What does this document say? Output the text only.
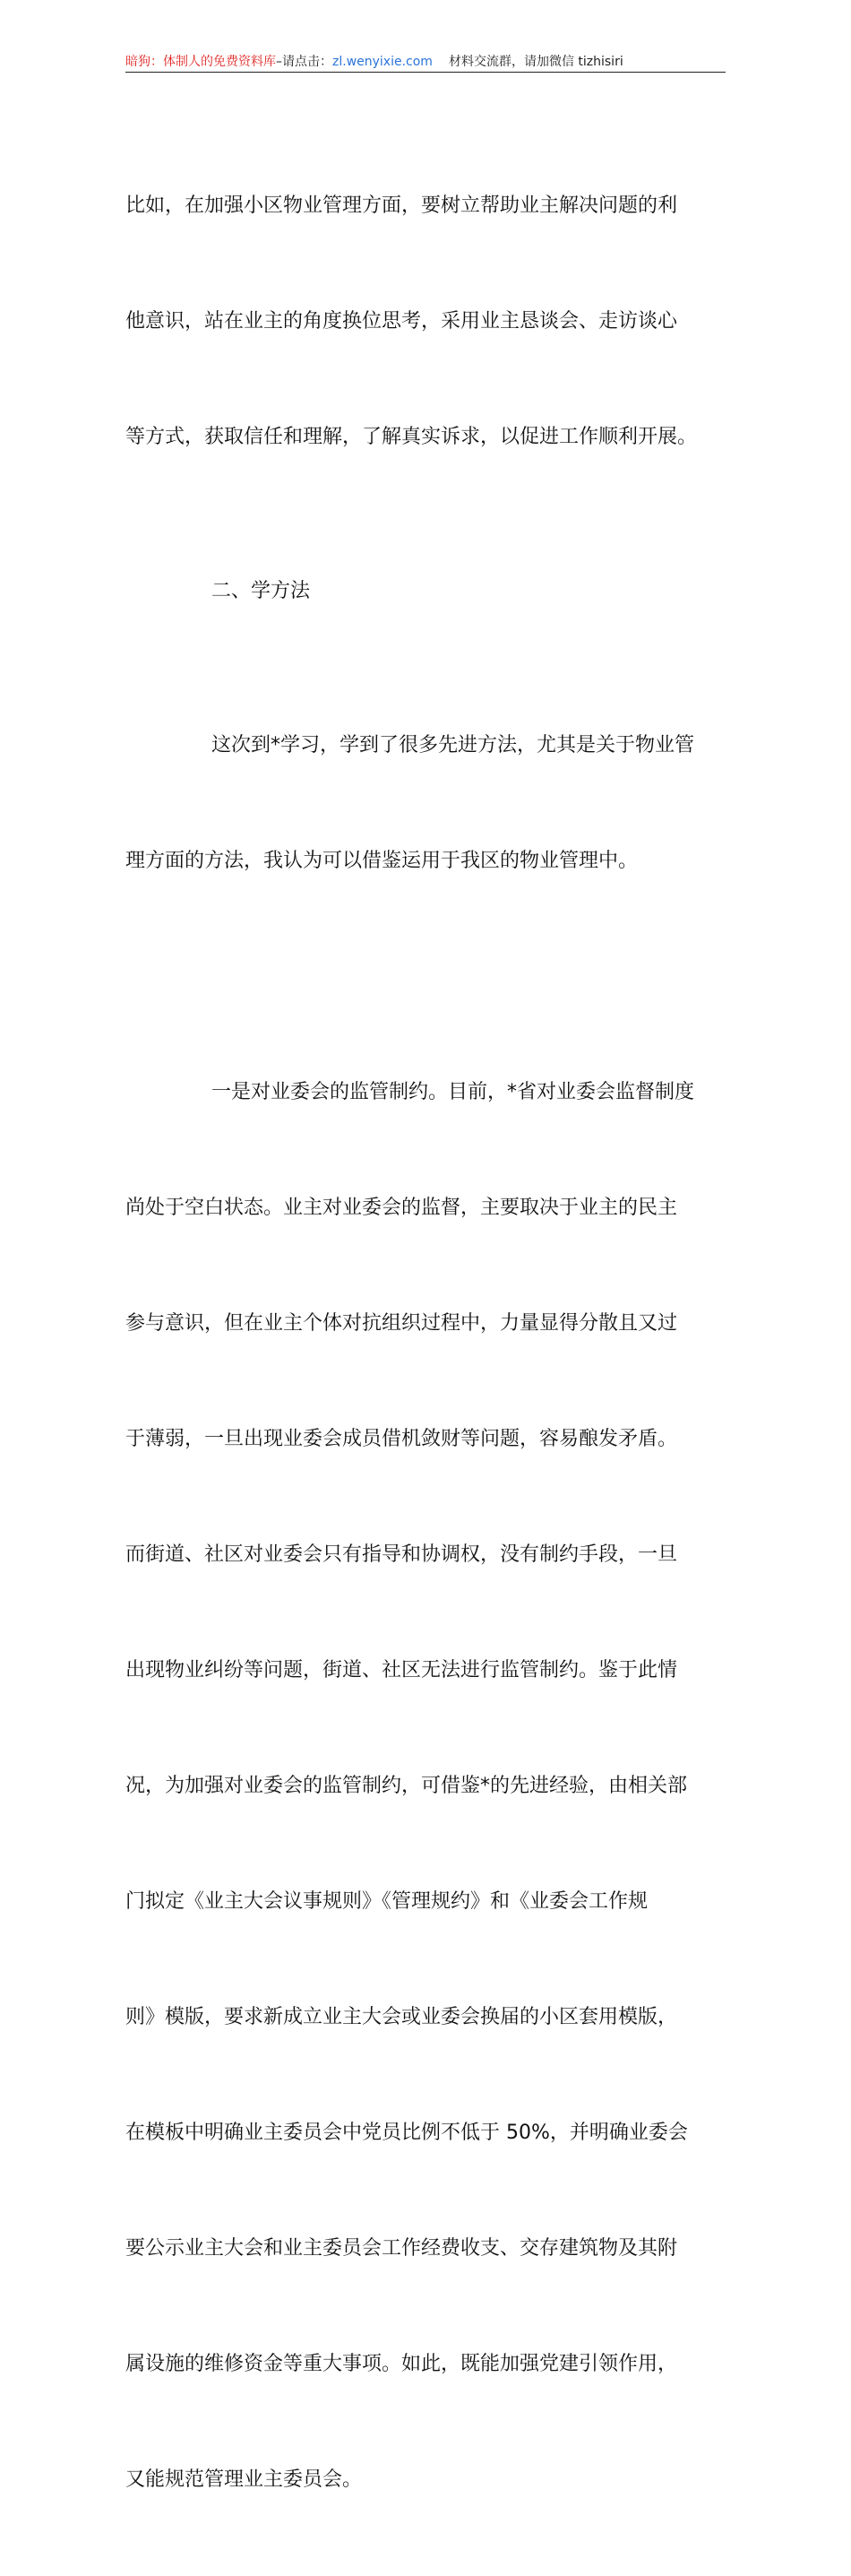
暗狗：体制人的免费资料库–请点击：zl.wenyixie.com 材料交流群，请加微信 tizhisiri

比如，在加强小区物业管理方面，要树立帮助业主解决问题的利

他意识，站在业主的角度换位思考，采用业主恳谈会、走访谈心

等方式，获取信任和理解，了解真实诉求，以促进工作顺利开展。

二、学方法

这次到*学习，学到了很多先进方法，尤其是关于物业管

理方面的方法，我认为可以借鉴运用于我区的物业管理中。

一是对业委会的监管制约。目前，*省对业委会监督制度

尚处于空白状态。业主对业委会的监督，主要取决于业主的民主

参与意识，但在业主个体对抗组织过程中，力量显得分散且又过

于薄弱，一旦出现业委会成员借机敛财等问题，容易酿发矛盾。

而街道、社区对业委会只有指导和协调权，没有制约手段，一旦

出现物业纠纷等问题，街道、社区无法进行监管制约。鉴于此情

况，为加强对业委会的监管制约，可借鉴*的先进经验，由相关部

门拟定《业主大会议事规则》《管理规约》和《业委会工作规

则》模版，要求新成立业主大会或业委会换届的小区套用模版，

在模板中明确业主委员会中党员比例不低于 50%，并明确业委会

要公示业主大会和业主委员会工作经费收支、交存建筑物及其附

属设施的维修资金等重大事项。如此，既能加强党建引领作用，

又能规范管理业主委员会。
